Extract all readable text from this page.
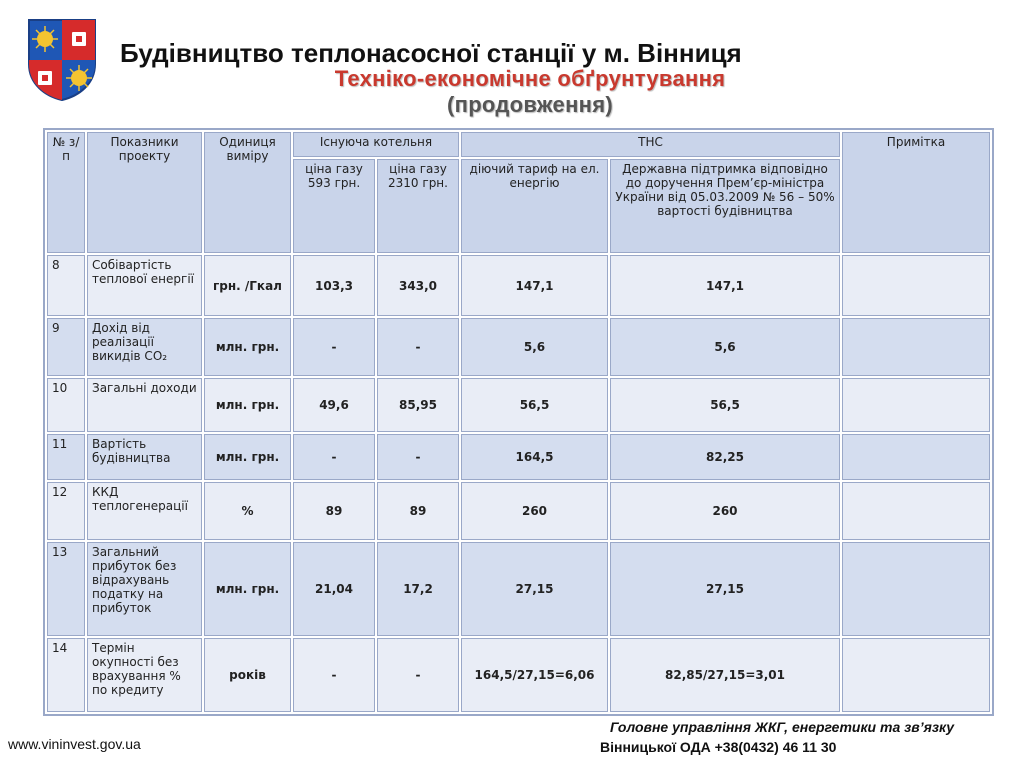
Будівництво теплонасосної станції у м. Вінниця
Техніко-економічне обґрунтування
(продовження)
№ з/п	Показники проекту	Одиниця виміру	Існуюча котельня		ТНС		Примітка
			ціна газу 593 грн.	ціна газу 2310 грн.	діючий тариф на ел. енергію	Державна підтримка відповідно до доручення Прем’єр-міністра України від 05.03.2009 № 56 – 50% вартості будівництва	
8	Собівартість теплової енергії	грн. /Гкал	103,3	343,0	147,1	147,1	
9	Дохід від реалізації викидів CO₂	млн. грн.	-	-	5,6	5,6	
10	Загальні доходи	млн. грн.	49,6	85,95	56,5	56,5	
11	Вартість будівництва	млн. грн.	-	-	164,5	82,25	
12	ККД теплогенерації	%	89	89	260	260	
13	Загальний прибуток без відрахувань податку на прибуток	млн. грн.	21,04	17,2	27,15	27,15	
14	Термін окупності без врахування % по кредиту	років	-	-	164,5/27,15=6,06	82,85/27,15=3,01	
www.vininvest.gov.ua
Головне управління ЖКГ, енергетики та зв’язку
Вінницької ОДА +38(0432) 46 11 30
